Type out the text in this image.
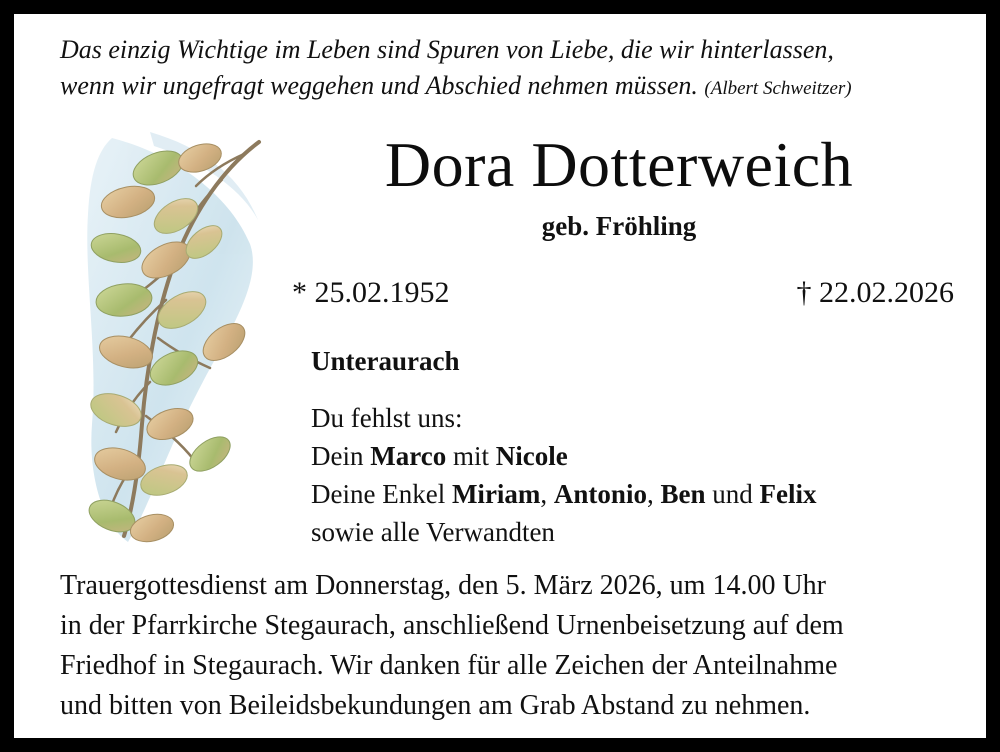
Das einzig Wichtige im Leben sind Spuren von Liebe, die wir hinterlassen,
wenn wir ungefragt weggehen und Abschied nehmen müssen. (Albert Schweitzer)
Dora Dotterweich
geb. Fröhling
* 25.02.1952	† 22.02.2026
Unteraurach
Du fehlst uns:
Dein Marco mit Nicole
Deine Enkel Miriam, Antonio, Ben und Felix
sowie alle Verwandten
Trauergottesdienst am Donnerstag, den 5. März 2026, um 14.00 Uhr
in der Pfarrkirche Stegaurach, anschließend Urnenbeisetzung auf dem
Friedhof in Stegaurach. Wir danken für alle Zeichen der Anteilnahme
und bitten von Beileidsbekundungen am Grab Abstand zu nehmen.
